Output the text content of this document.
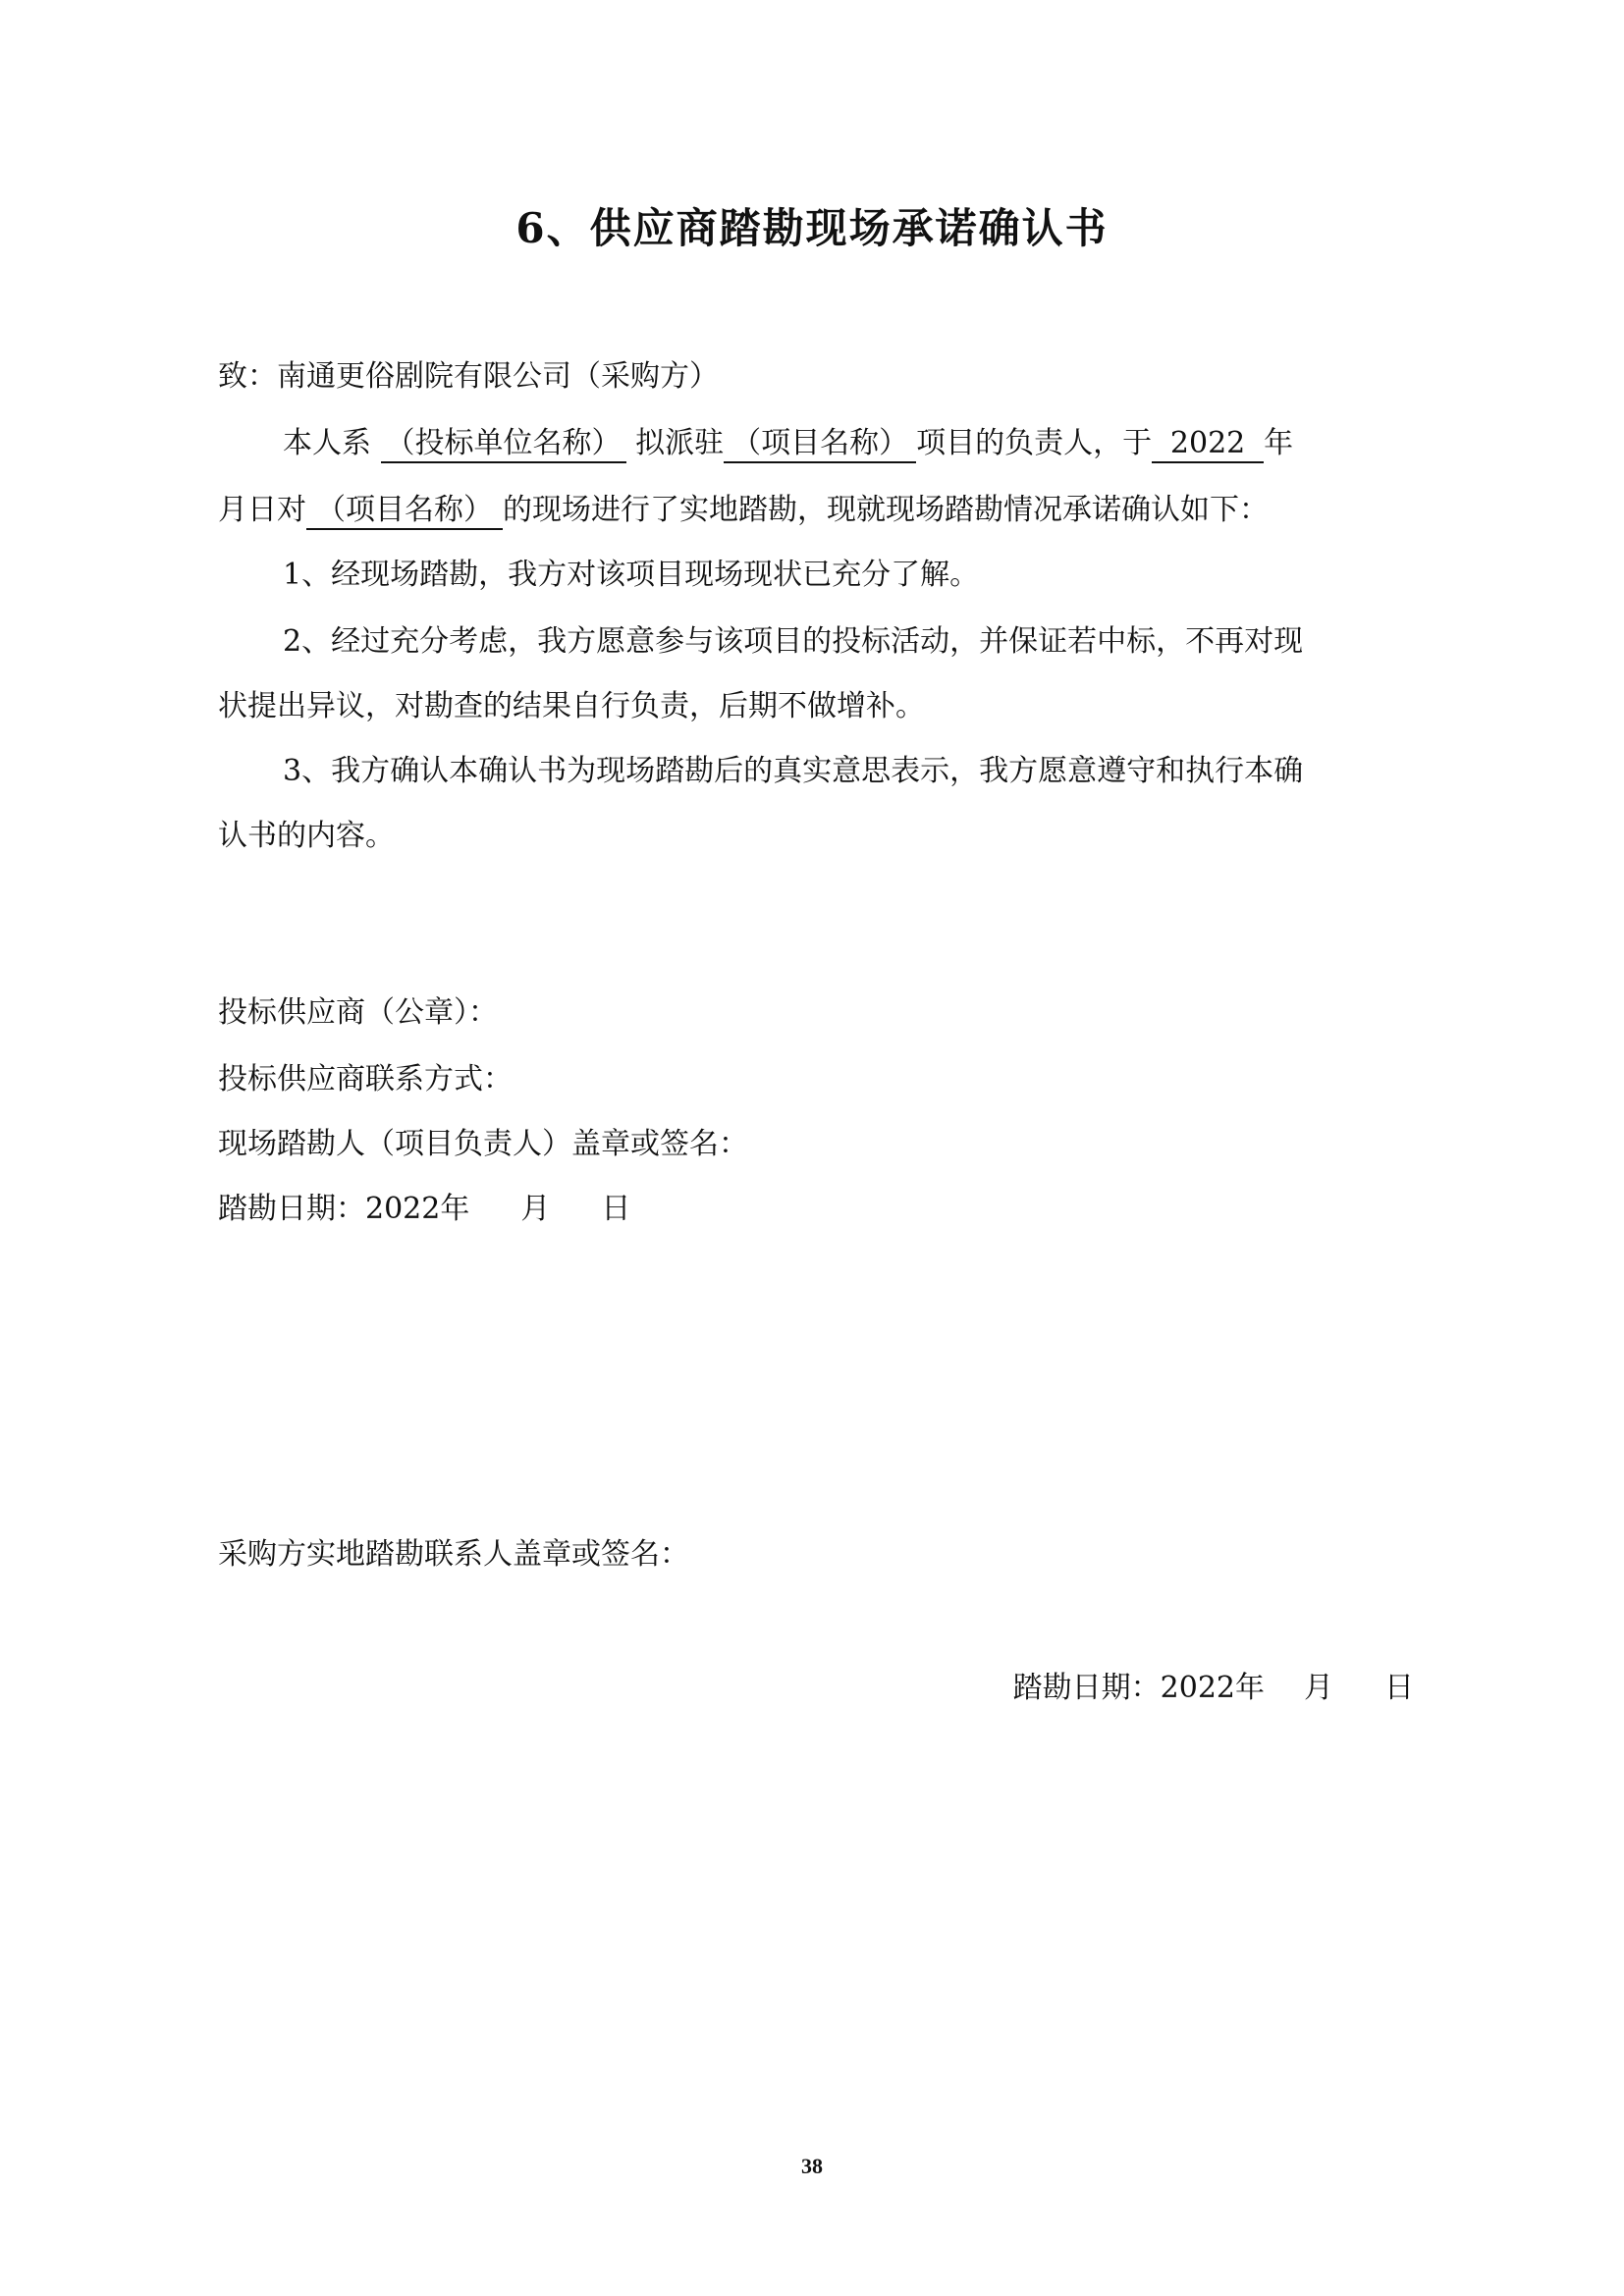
6、供应商踏勘现场承诺确认书
致：南通更俗剧院有限公司（采购方）
本人系 （投标单位名称） 拟派驻 （项目名称） 项目的负责人，于 2022 年
月日对 （项目名称） 的现场进行了实地踏勘，现就现场踏勘情况承诺确认如下：
1、经现场踏勘，我方对该项目现场现状已充分了解。
2、经过充分考虑，我方愿意参与该项目的投标活动，并保证若中标，不再对现
状提出异议，对勘查的结果自行负责，后期不做增补。
3、我方确认本确认书为现场踏勘后的真实意思表示，我方愿意遵守和执行本确
认书的内容。
投标供应商（公章）：
投标供应商联系方式：
现场踏勘人（项目负责人）盖章或签名：
踏勘日期：2022年 月 日
采购方实地踏勘联系人盖章或签名：
踏勘日期：2022年 月 日
38
